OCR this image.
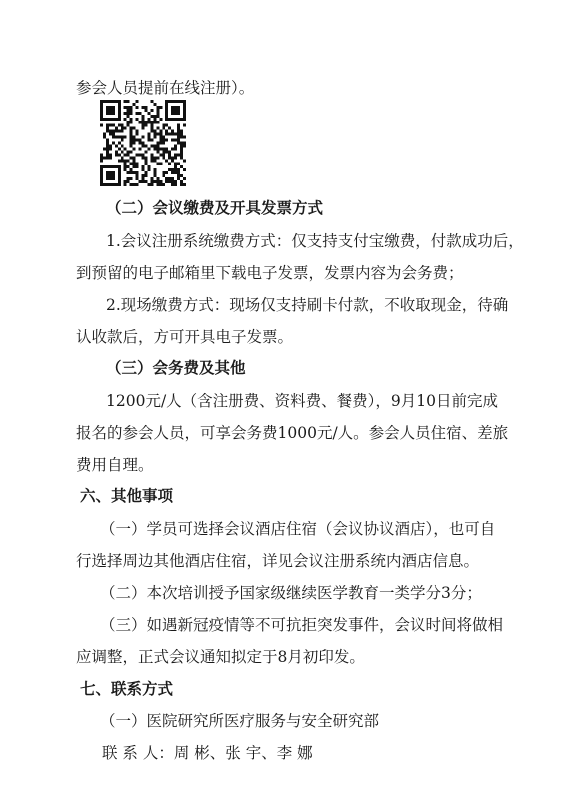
参会人员提前在线注册）。
（二）会议缴费及开具发票方式
1.会议注册系统缴费方式：仅支持支付宝缴费，付款成功后，
到预留的电子邮箱里下载电子发票，发票内容为会务费；
2.现场缴费方式：现场仅支持刷卡付款，不收取现金，待确
认收款后，方可开具电子发票。
（三）会务费及其他
1200元/人（含注册费、资料费、餐费），9月10日前完成
报名的参会人员，可享会务费1000元/人。参会人员住宿、差旅
费用自理。
六、其他事项
（一）学员可选择会议酒店住宿（会议协议酒店），也可自
行选择周边其他酒店住宿，详见会议注册系统内酒店信息。
（二）本次培训授予国家级继续医学教育一类学分3分；
（三）如遇新冠疫情等不可抗拒突发事件，会议时间将做相
应调整，正式会议通知拟定于8月初印发。
七、联系方式
（一）医院研究所医疗服务与安全研究部
联 系 人：周 彬、张 宇、李 娜
